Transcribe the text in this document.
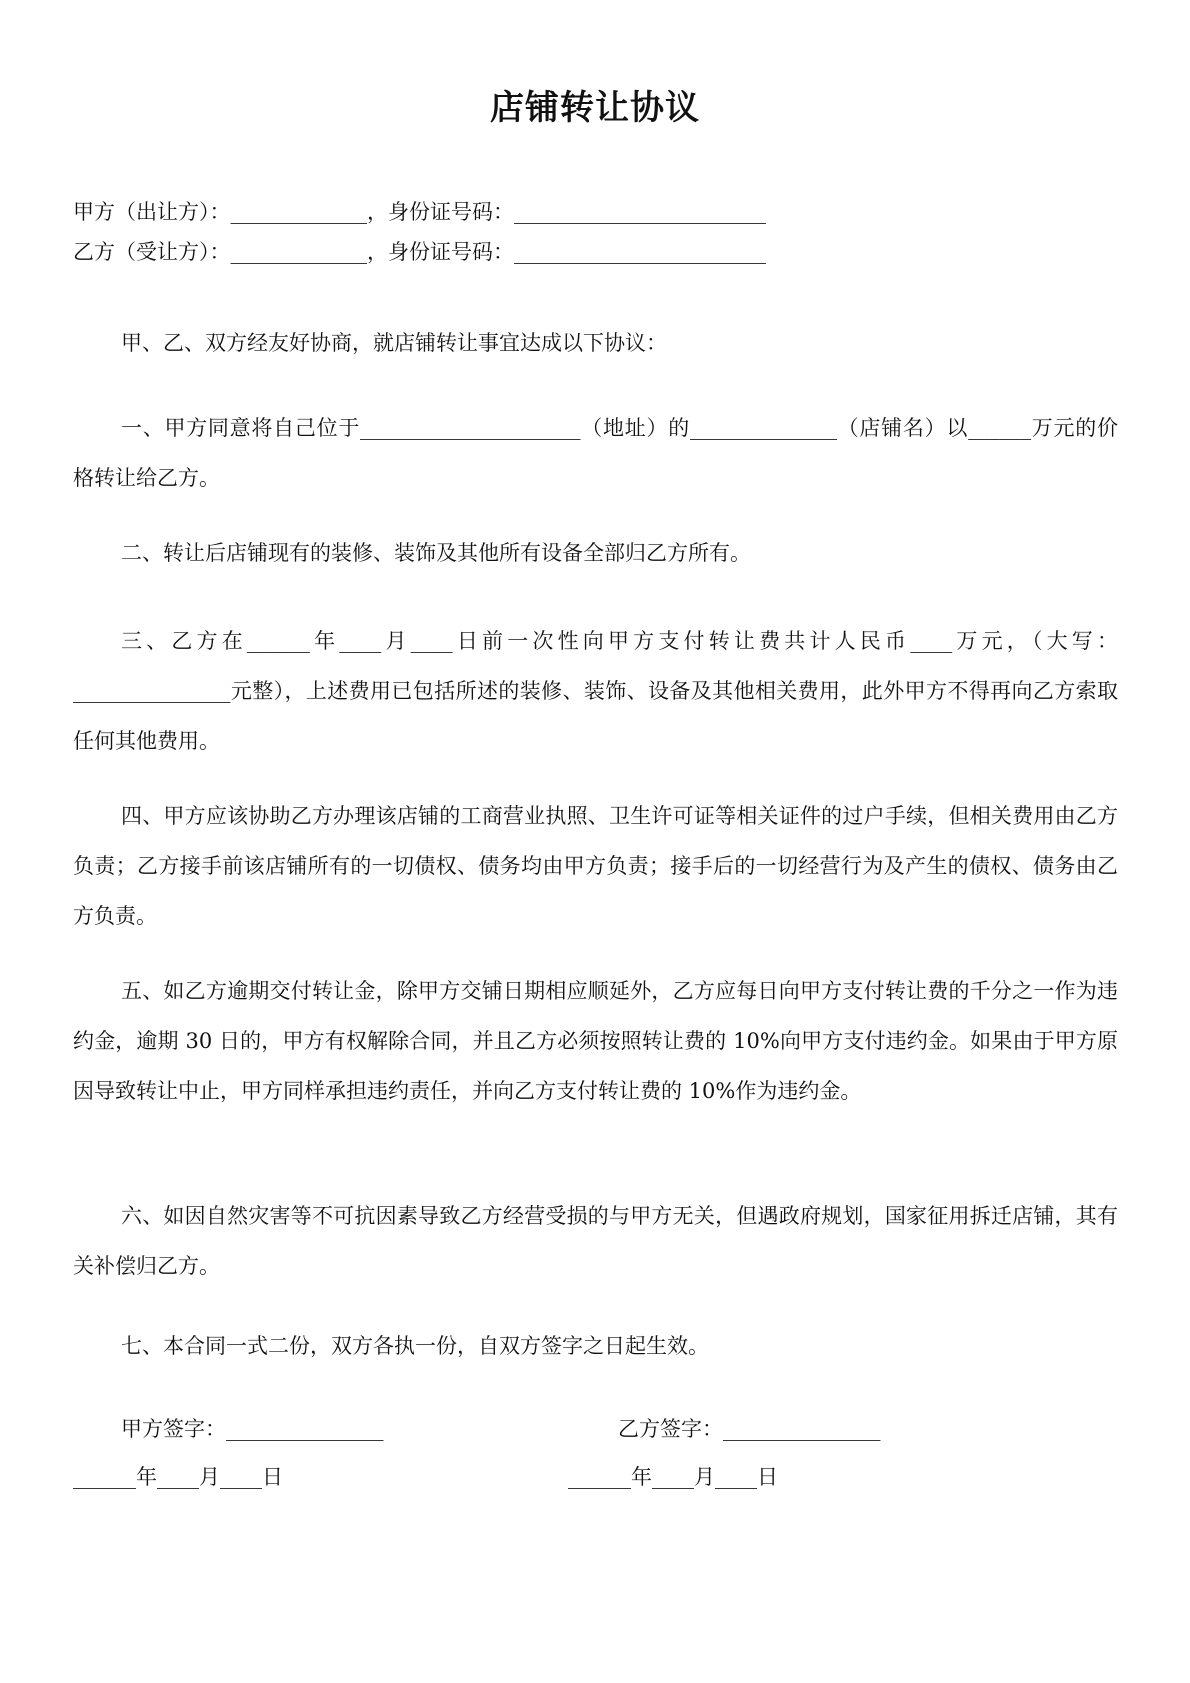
店铺转让协议
甲方（出让方）：_____________，身份证号码：________________________
乙方（受让方）：_____________，身份证号码：________________________
甲、乙、双方经友好协商，就店铺转让事宜达成以下协议：
一、甲方同意将自己位于_____________________（地址）的______________（店铺名）以______万元的价格转让给乙方。
二、转让后店铺现有的装修、装饰及其他所有设备全部归乙方所有。
三、乙方在______年____月____日前一次性向甲方支付转让费共计人民币____万元，（大写：_______________元整），上述费用已包括所述的装修、装饰、设备及其他相关费用，此外甲方不得再向乙方索取任何其他费用。
四、甲方应该协助乙方办理该店铺的工商营业执照、卫生许可证等相关证件的过户手续，但相关费用由乙方负责；乙方接手前该店铺所有的一切债权、债务均由甲方负责；接手后的一切经营行为及产生的债权、债务由乙方负责。
五、如乙方逾期交付转让金，除甲方交铺日期相应顺延外，乙方应每日向甲方支付转让费的千分之一作为违约金，逾期 30 日的，甲方有权解除合同，并且乙方必须按照转让费的 10%向甲方支付违约金。如果由于甲方原因导致转让中止，甲方同样承担违约责任，并向乙方支付转让费的 10%作为违约金。
六、如因自然灾害等不可抗因素导致乙方经营受损的与甲方无关，但遇政府规划，国家征用拆迁店铺，其有关补偿归乙方。
七、本合同一式二份，双方各执一份，自双方签字之日起生效。
甲方签字：_______________	乙方签字：_______________
______年____月____日	______年____月____日
